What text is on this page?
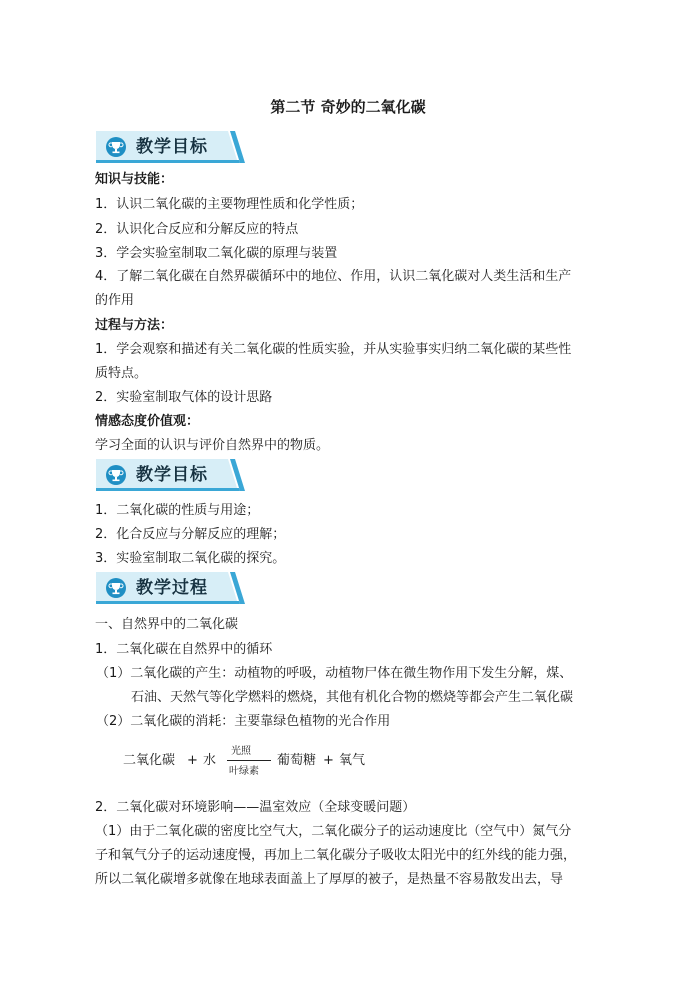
第二节 奇妙的二氧化碳
教学目标
知识与技能：
1．认识二氧化碳的主要物理性质和化学性质；
2．认识化合反应和分解反应的特点
3．学会实验室制取二氧化碳的原理与装置
4．了解二氧化碳在自然界碳循环中的地位、作用，认识二氧化碳对人类生活和生产
的作用
过程与方法：
1．学会观察和描述有关二氧化碳的性质实验，并从实验事实归纳二氧化碳的某些性
质特点。
2．实验室制取气体的设计思路
情感态度价值观：
学习全面的认识与评价自然界中的物质。
教学目标
1．二氧化碳的性质与用途；
2．化合反应与分解反应的理解；
3．实验室制取二氧化碳的探究。
教学过程
一、自然界中的二氧化碳
1．二氧化碳在自然界中的循环
（1）二氧化碳的产生：动植物的呼吸，动植物尸体在微生物作用下发生分解，煤、
石油、天然气等化学燃料的燃烧，其他有机化合物的燃烧等都会产生二氧化碳
（2）二氧化碳的消耗：主要靠绿色植物的光合作用
二氧化碳 + 水
光照
叶绿素
葡萄糖 + 氧气
2．二氧化碳对环境影响——温室效应（全球变暖问题）
（1）由于二氧化碳的密度比空气大，二氧化碳分子的运动速度比（空气中）氮气分
子和氧气分子的运动速度慢，再加上二氧化碳分子吸收太阳光中的红外线的能力强，
所以二氧化碳增多就像在地球表面盖上了厚厚的被子，是热量不容易散发出去，导
